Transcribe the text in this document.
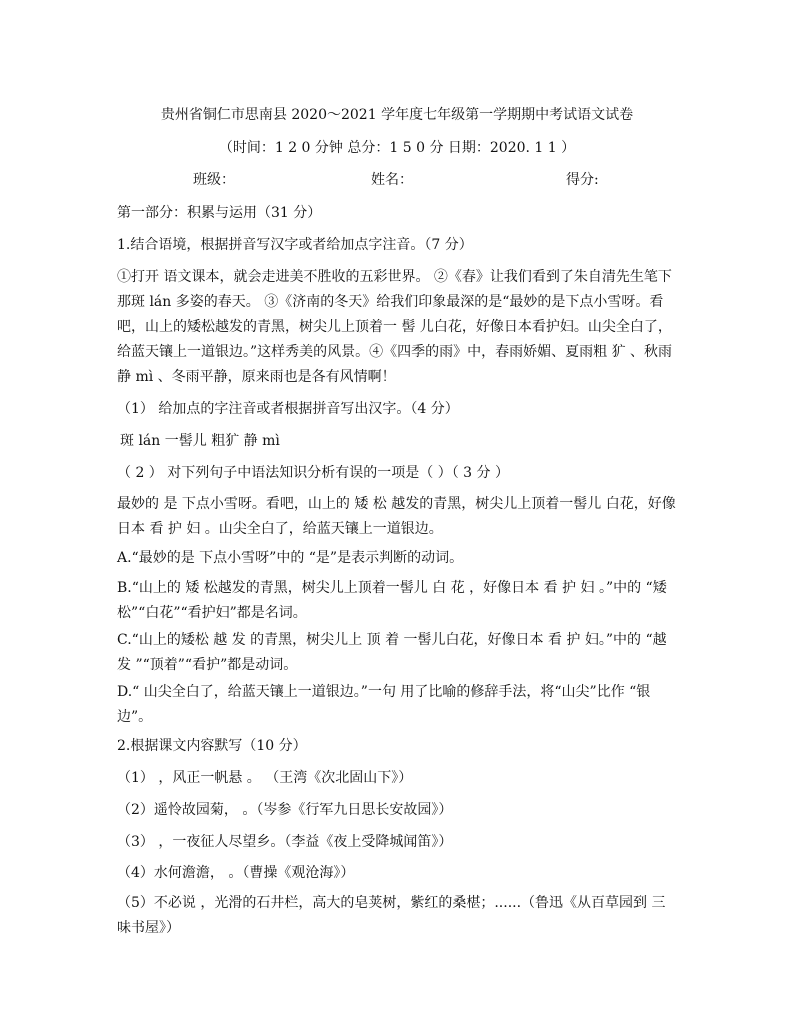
贵州省铜仁市思南县 2020～2021 学年度七年级第一学期期中考试语文试卷
（时间：1 2 0 分钟 总分：1 5 0 分 日期：2020. 1 1 ）
班级：	姓名：	得分:
第一部分：积累与运用（31 分）
1.结合语境，根据拼音写汉字或者给加点字注音。（7 分）
①打开 语文课本，就会走进美不胜收的五彩世界。 ②《春》让我们看到了朱自清先生笔下那斑 lán 多姿的春天。 ③《济南的冬天》给我们印象最深的是“最妙的是下点小雪呀。看吧，山上的矮松越发的青黑，树尖儿上顶着一 髻 儿白花，好像日本看护妇。山尖全白了，给蓝天镶上一道银边。”这样秀美的风景。④《四季的雨》中，春雨娇媚、夏雨粗 犷 、秋雨静 mì 、冬雨平静，原来雨也是各有风情啊！
（1） 给加点的字注音或者根据拼音写出汉字。（4 分）
斑 lán 一髻儿 粗犷 静 mì
（ 2 ） 对下列句子中语法知识分析有误的一项是（ ）（ 3 分 ）
最妙的 是 下点小雪呀。看吧，山上的 矮 松 越发的青黑，树尖儿上顶着一髻儿 白花，好像日本 看 护 妇 。山尖全白了，给蓝天镶上一道银边。
A.“最妙的是 下点小雪呀”中的 “是”是表示判断的动词。
B.“山上的 矮 松越发的青黑，树尖儿上顶着一髻儿 白 花 ，好像日本 看 护 妇 。”中的 “矮松”“白花”“看护妇”都是名词。
C.“山上的矮松 越 发 的青黑，树尖儿上 顶 着 一髻儿白花，好像日本 看 护 妇。”中的 “越 发 ”“顶着”“看护”都是动词。
D.“ 山尖全白了，给蓝天镶上一道银边。”一句 用了比喻的修辞手法，将“山尖”比作 “银边”。
2.根据课文内容默写（10 分）
（1） ，风正一帆悬 。 （王湾《次北固山下》）
（2）遥怜故园菊， 。（岑参《行军九日思长安故园》）
（3） ，一夜征人尽望乡。（李益《夜上受降城闻笛》）
（4）水何澹澹， 。（曹操《观沧海》）
（5）不必说 ，光滑的石井栏，高大的皂荚树，紫红的桑椹；......（鲁迅《从百草园到 三味书屋》）
